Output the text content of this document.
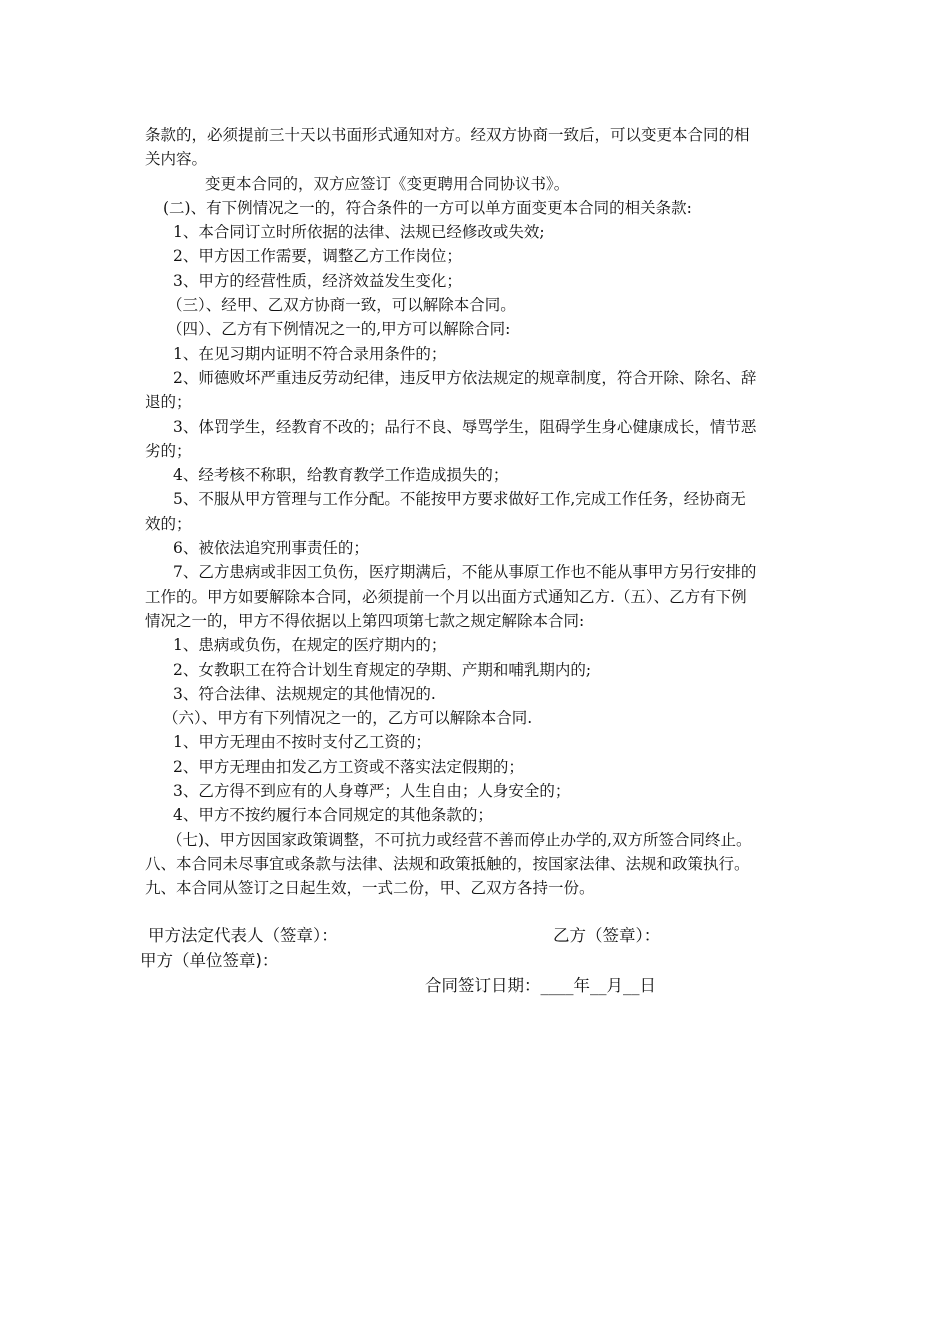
条款的，必须提前三十天以书面形式通知对方。经双方协商一致后，可以变更本合同的相

关内容。

变更本合同的，双方应签订《变更聘用合同协议书》。

(二)、有下例情况之一的，符合条件的一方可以单方面变更本合同的相关条款:

1、本合同订立时所依据的法律、法规已经修改或失效;

2、甲方因工作需要，调整乙方工作岗位；

3、甲方的经营性质，经济效益发生变化；

（三）、经甲、乙双方协商一致，可以解除本合同。

（四）、乙方有下例情况之一的,甲方可以解除合同:

1、在见习期内证明不符合录用条件的；

2、师德败坏严重违反劳动纪律，违反甲方依法规定的规章制度，符合开除、除名、辞

退的；

3、体罚学生，经教育不改的；品行不良、辱骂学生，阻碍学生身心健康成长，情节恶

劣的；

4、经考核不称职，给教育教学工作造成损失的；

5、不服从甲方管理与工作分配。不能按甲方要求做好工作,完成工作任务，经协商无

效的；

6、被依法追究刑事责任的；

7、乙方患病或非因工负伤，医疗期满后，不能从事原工作也不能从事甲方另行安排的

工作的。甲方如要解除本合同，必须提前一个月以出面方式通知乙方.（五）、乙方有下例

情况之一的，甲方不得依据以上第四项第七款之规定解除本合同:

1、患病或负伤，在规定的医疗期内的；

2、女教职工在符合计划生育规定的孕期、产期和哺乳期内的;

3、符合法律、法规规定的其他情况的.

（六）、甲方有下列情况之一的，乙方可以解除本合同.

1、甲方无理由不按时支付乙工资的；

2、甲方无理由扣发乙方工资或不落实法定假期的；

3、乙方得不到应有的人身尊严；人生自由；人身安全的；

4、甲方不按约履行本合同规定的其他条款的；

（七)、甲方因国家政策调整，不可抗力或经营不善而停止办学的,双方所签合同终止。

八、本合同未尽事宜或条款与法律、法规和政策抵触的，按国家法律、法规和政策执行。

九、本合同从签订之日起生效，一式二份，甲、乙双方各持一份。

甲方法定代表人（签章）：	乙方（签章）：
甲方（单位签章)：
合同签订日期：____年__月__日
